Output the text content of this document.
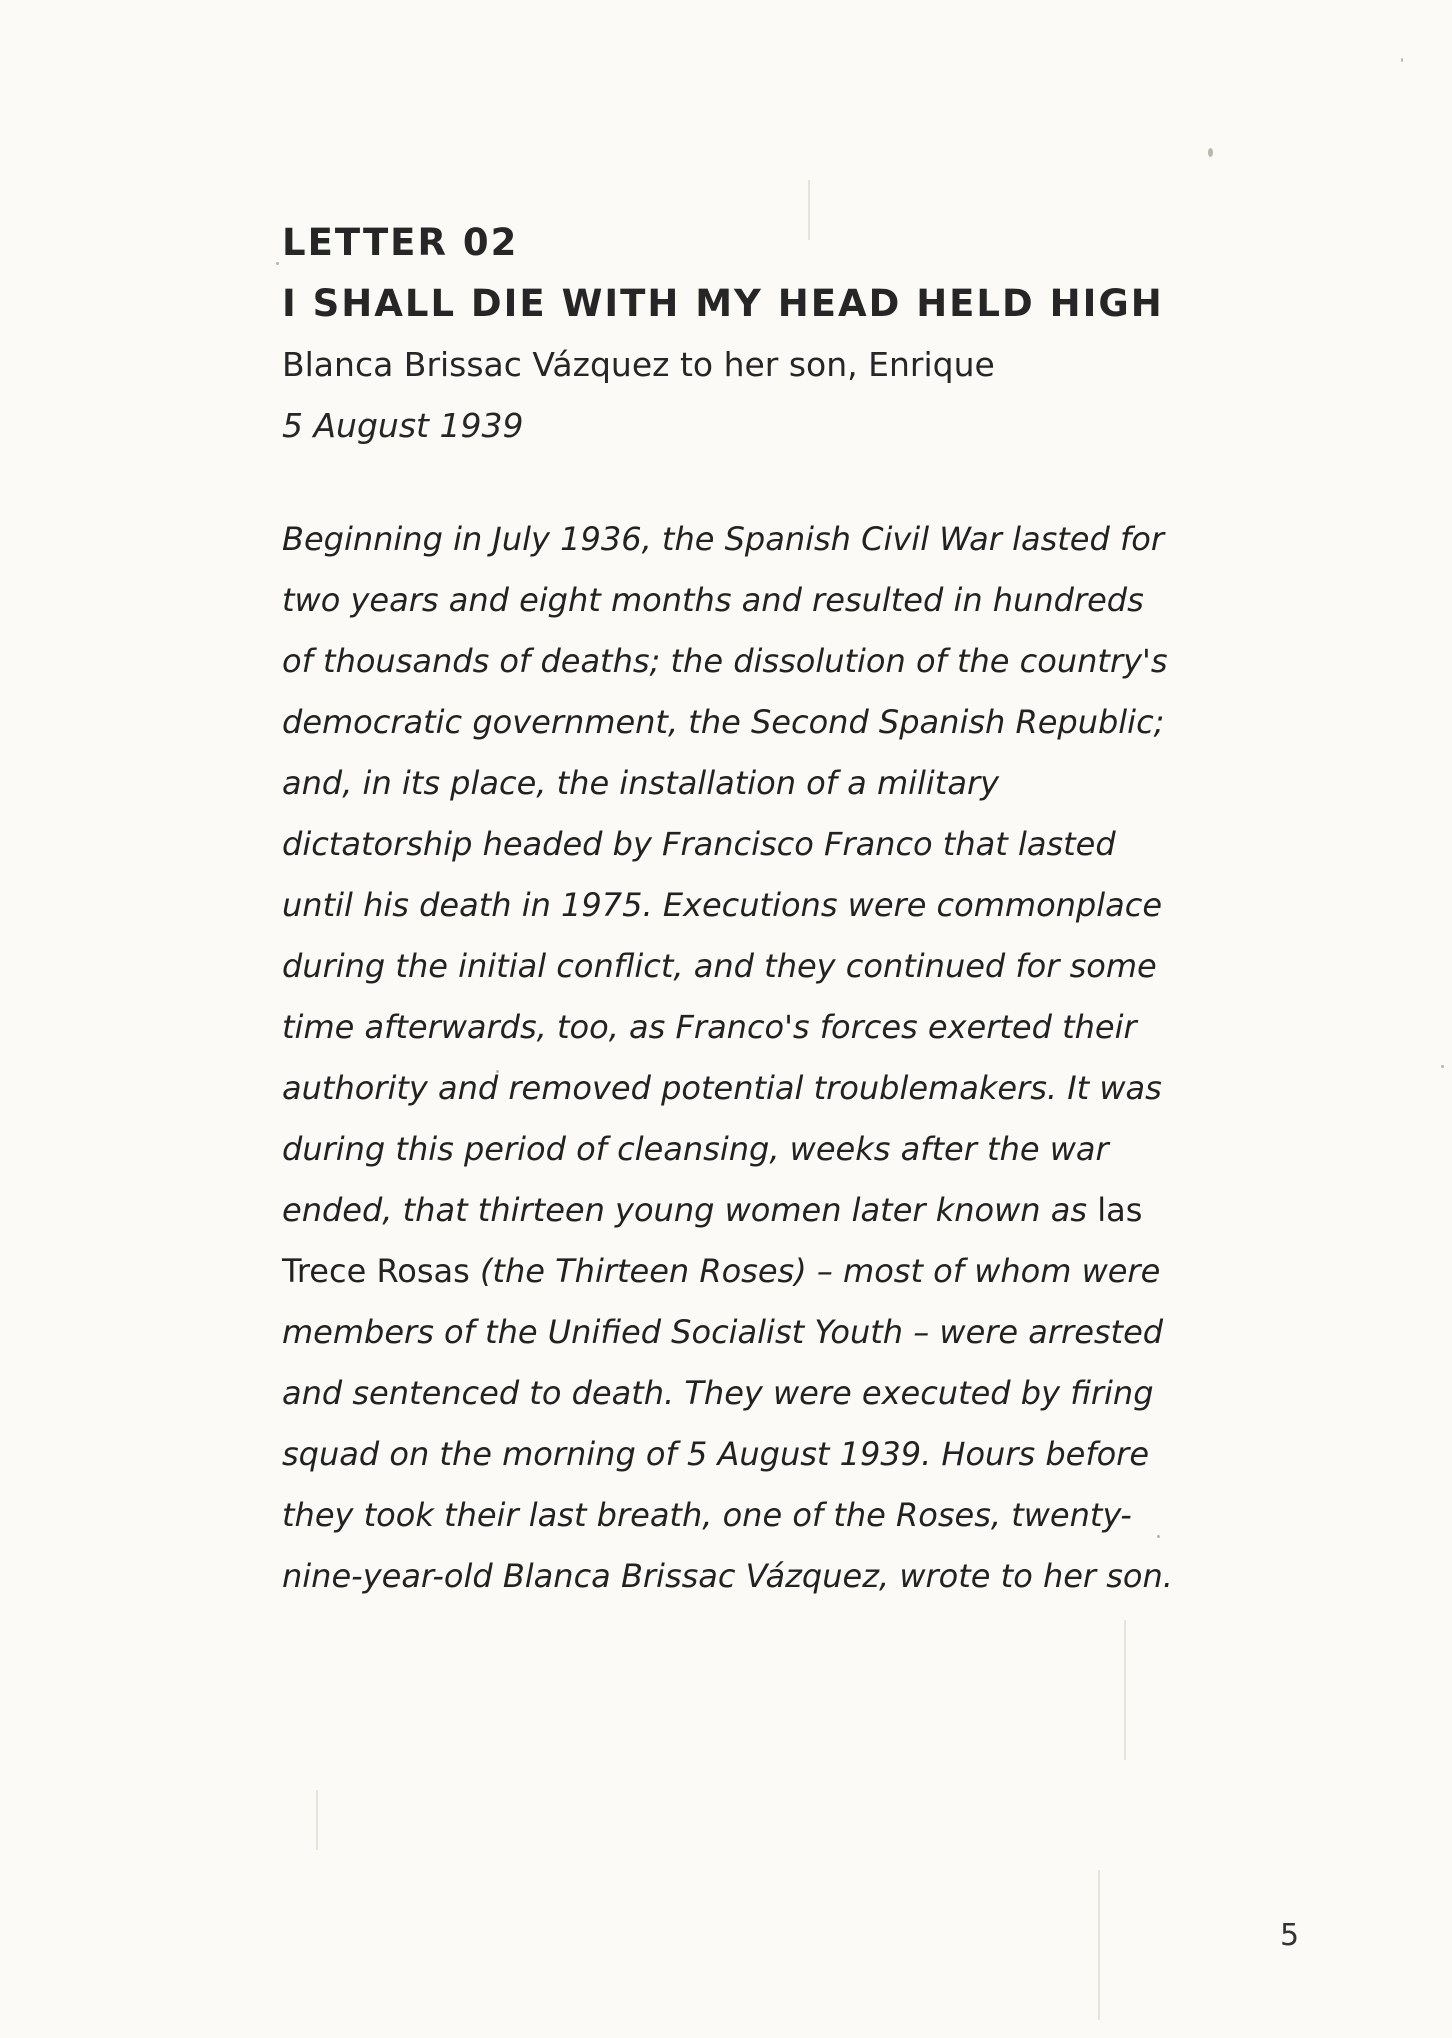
LETTER 02
I SHALL DIE WITH MY HEAD HELD HIGH
Blanca Brissac Vázquez to her son, Enrique
5 August 1939
Beginning in July 1936, the Spanish Civil War lasted for
two years and eight months and resulted in hundreds
of thousands of deaths; the dissolution of the country's
democratic government, the Second Spanish Republic;
and, in its place, the installation of a military
dictatorship headed by Francisco Franco that lasted
until his death in 1975. Executions were commonplace
during the initial conflict, and they continued for some
time afterwards, too, as Franco's forces exerted their
authority and removed potential troublemakers. It was
during this period of cleansing, weeks after the war
ended, that thirteen young women later known as las
Trece Rosas (the Thirteen Roses) – most of whom were
members of the Unified Socialist Youth – were arrested
and sentenced to death. They were executed by firing
squad on the morning of 5 August 1939. Hours before
they took their last breath, one of the Roses, twenty-
nine-year-old Blanca Brissac Vázquez, wrote to her son.
5
